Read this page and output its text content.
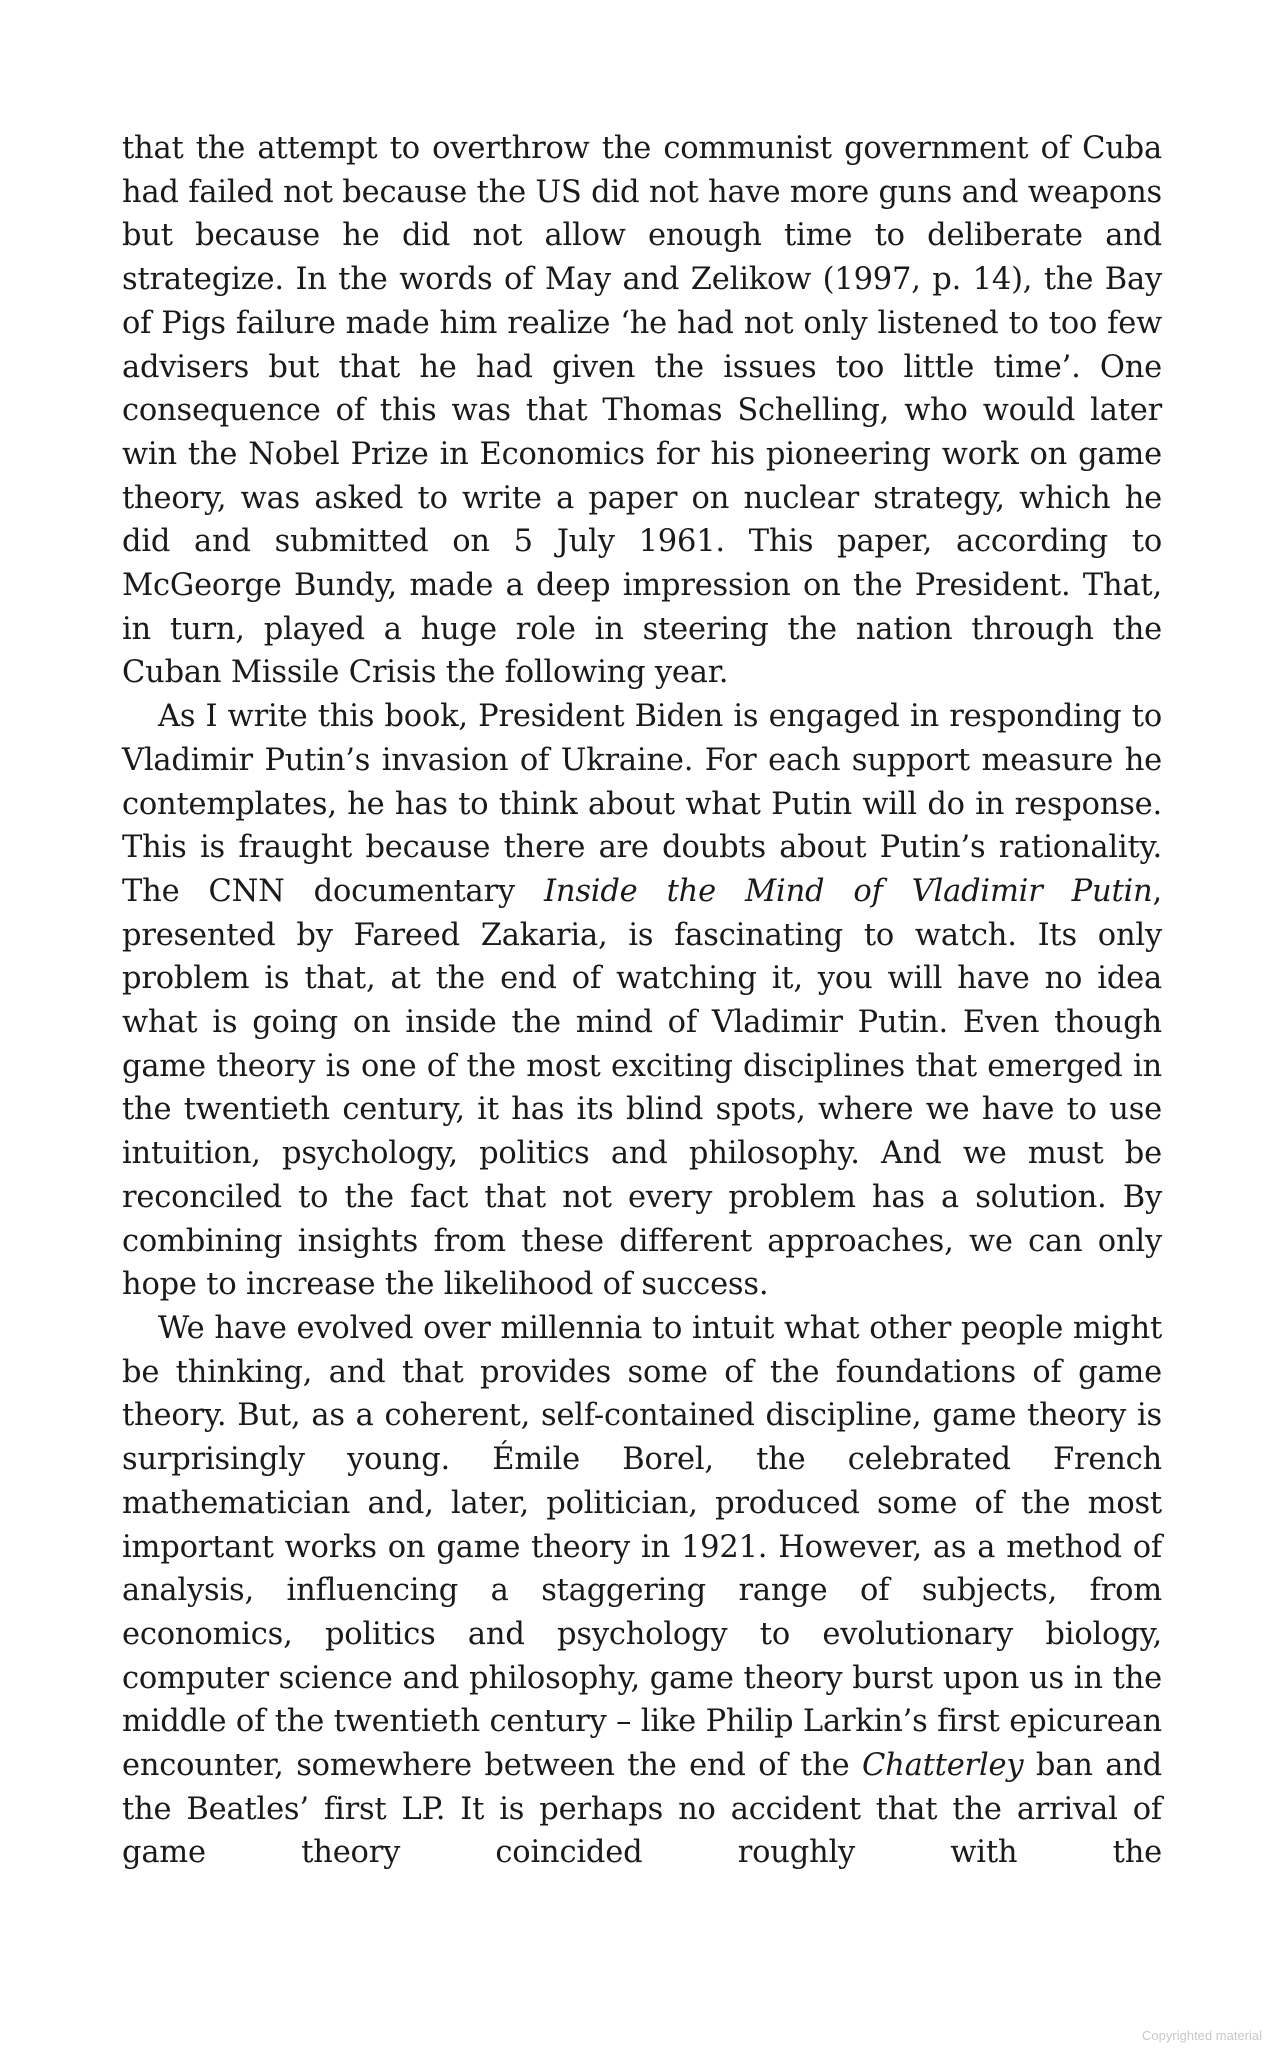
that the attempt to overthrow the communist government of Cuba had failed not because the US did not have more guns and weapons but because he did not allow enough time to deliberate and strategize. In the words of May and Zelikow (1997, p. 14), the Bay of Pigs failure made him realize ‘he had not only listened to too few advisers but that he had given the issues too little time’. One consequence of this was that Thomas Schelling, who would later win the Nobel Prize in Economics for his pioneering work on game theory, was asked to write a paper on nuclear strategy, which he did and submitted on 5 July 1961. This paper, according to McGeorge Bundy, made a deep impression on the President. That, in turn, played a huge role in steering the nation through the Cuban Missile Crisis the following year.

As I write this book, President Biden is engaged in responding to Vladimir Putin’s invasion of Ukraine. For each support measure he contemplates, he has to think about what Putin will do in response. This is fraught because there are doubts about Putin’s rationality. The CNN documentary Inside the Mind of Vladimir Putin, presented by Fareed Zakaria, is fascinating to watch. Its only problem is that, at the end of watching it, you will have no idea what is going on inside the mind of Vladimir Putin. Even though game theory is one of the most exciting disciplines that emerged in the twentieth century, it has its blind spots, where we have to use intuition, psychology, politics and philosophy. And we must be reconciled to the fact that not every problem has a solution. By combining insights from these different approaches, we can only hope to increase the likelihood of success.

We have evolved over millennia to intuit what other people might be thinking, and that provides some of the foundations of game theory. But, as a coherent, self-contained discipline, game theory is surprisingly young. Émile Borel, the celebrated French mathematician and, later, politician, produced some of the most important works on game theory in 1921. However, as a method of analysis, influencing a staggering range of subjects, from economics, politics and psychology to evolutionary biology, computer science and philosophy, game theory burst upon us in the middle of the twentieth century – like Philip Larkin’s first epicurean encounter, somewhere between the end of the Chatterley ban and the Beatles’ first LP. It is perhaps no accident that the arrival of game theory coincided roughly with the

Copyrighted material
